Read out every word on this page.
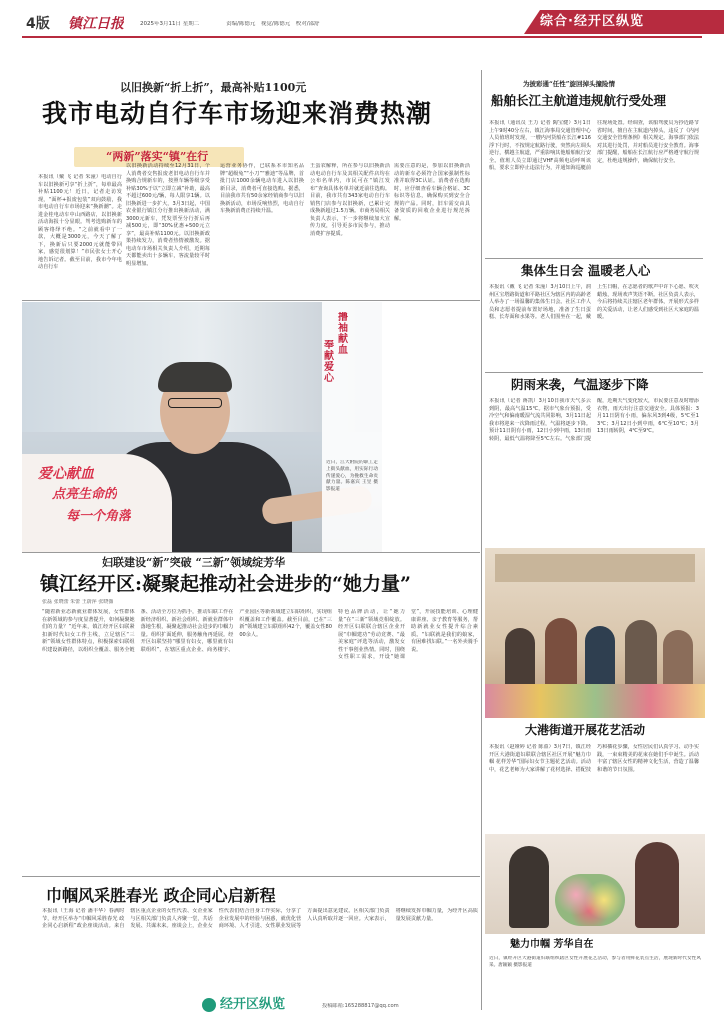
4版 镇江日报	2025年3月11日 星期二	责编/陈德元　视觉/陈德元　校对/邵舒	综合·经开区纵览
以旧换新“折上折”，最高补贴1100元
我市电动自行车市场迎来消费热潮
“两新”落实“镇”在行
本报讯（戴 飞 记者 朱潼）电动自行车以旧换新可享“折上折”，每单最高补贴1100元！近日，记者走访发现，“面杯+报废包装”双向鼓励，我市电动自行车市场迎来“换新潮”。走进金桂电动车中山西路店，以旧换新活动海报十分显眼。驾考选购新车的顾客络绎不绝。“之前就看中了一款，大概是3000元，今天了解了下，换新后只要2000元就能带回家，感觉很划算！”市民张女士开心地告诉记者。截至目前，我市今年电动自行车
以旧换新活动持续至12月31日，个人消费者交售报废老旧电动自行车并换购合规新车的，按照车辆等级享受补贴30%于以“立即立减”补助，最高不超过600元/辆，每人限享1辆。以旧换新进一步扩大，3月3日起，中国农业银行镇江分行推出换新活动，满3000元新车，凭发票至分行折后再减500元，即“30%优惠+500元立享”，最高补贴1100元。以旧换新政策持续发力，消费者热情被激发。据电动车市场相关负责人介绍，近期每天都能卖出十多辆车，客流量较平时明显增加。
运营业务协作，已联系本市知名品牌“超级兔”“小刀”“雅迪”等品牌，首批门店1000余辆电动车进入以旧换新目录，消费者可直接选购。据悉，目前我市共有50余家经销商参与以旧换新活动，市场反响热烈，电动自行车换新消费正持续升温。
王蛋农解释，所在参与以旧换新活动电动自行车及其相关配件店均在公布名单内，市民可在“镇江发布”查询具体名单并就近前往选购。目前，我市共有343家电动自行车销售门店参与以旧换新，已累计完成换新超过1.5万辆。市商务局相关负责人表示，下一步将继续加大宣传力度，引导更多市民参与，推动消费扩容提质。
需要注意的是，参加以旧换新活动的新车必须符合国家强制性标准并取得3C认证。消费者在选购时，应仔细查看车辆合格证、3C标识等信息，确保购买到安全合规的产品。同时，旧车需交由具备资质的回收企业进行规范拆解。
为披彩通“任性”旋回掉头撞险情
船舶长江主航道违规航行受处理
本报讯（通讯员 王力 记者 陶宝健）3月1日上午9时40分左右，镇江海事局交通管理中心人员值班时发现，一艘内河货船在长江#116浮下行时，不按规定航路行驶，突然向左调头逆行，横越主航道，严重影响其他船舶航行安全。值班人员立即通过VHF高频电话呼叫该船，要求立即停止违法行为，并通知海巡艇前往现场处置。经调查，该船驾驶员为抄近路节省时间，擅自在主航道内掉头，违反了《内河交通安全管理条例》相关规定。海事部门依法对其进行处罚，并对船员进行安全教育。海事部门提醒，船舶在长江航行应严格遵守航行规定，杜绝违规操作，确保航行安全。
爱心献血
点亮生命的
每一个角落
撸
袖
献
血
奉
献
爱
心
近日，江大附院的职工走上街头献血，用实际行动传递爱心，为挽救生命贡献力量。陈嘉宾 王昱 摄影报道
集体生日会 温暖老人心
本报讯（戴 飞 记者 朱潼）3月10日上午，润州区宝塔路街道和平路社区为辖区内的高龄老人举办了一场温馨的集体生日会。社区工作人员和志愿者提前布置好场地，准备了生日蛋糕、长寿面和水果等。老人们围坐在一起，戴上生日帽，在志愿者的歌声中许下心愿、吹灭蜡烛，现场欢声笑语不断。社区负责人表示，今后将持续关注辖区老年群体，开展形式多样的关爱活动，让老人们感受到社区大家庭的温暖。
阴雨来袭，气温逐步下降
本报讯（记者 蒋凯）3月10日我市天气多云到阴，最高气温15℃。据市气象台预报，受冷空气和偏南暖湿气流共同影响，3月11日起我市将迎来一次降雨过程，气温将逐步下降。预计11日阴有小雨，12日小到中雨，13日雨转阴，最低气温将降至5℃左右。气象部门提醒，近期天气变化较大，市民要注意及时增添衣物，雨天出行注意交通安全。具体预报：3月11日阴有小雨，偏东风3到4级，5℃至13℃；3月12日小到中雨，6℃至10℃；3月13日雨转阴，4℃至9℃。
妇联建设“新”突破 “三新”领域绽芳华
镇江经开区:凝聚起推动社会进步的“她力量”
张磊 张晓蕾 朱蕾 王蔚萍 张晓薇
“随着新业态新就业群体发展，女性群体在新领域的参与度显著提升，如何凝聚她们的力量？”近年来，镇江经开区妇联紧扣新时代妇女工作主线，立足辖区“三新”领域女性群体特点，积极探索妇联组织建设新路径，以组织全覆盖、服务全链条、活动全方位为抓手，推动妇联工作在新经济组织、新社会组织、新就业群体中落地生根，凝聚起推动社会进步的巾帼力量。组织扩面延伸，服务触角再延展。经开区妇联坚持“哪里有妇女，哪里就有妇联组织”，在辖区重点企业、商务楼宇、产业园区等新领域建立妇联组织，实现组织覆盖和工作覆盖。截至目前，已在“三新”领域建立妇联组织42个，覆盖女性8000余人。
特色品牌活动，让“她力量”在“三新”领域竞相绽放。经开区妇联联合辖区企业开展“巾帼建功”劳动竞赛、“最美家庭”评选等活动，激发女性干事创业热情。同时，围绕女性职工需求，开设“她课堂”，开展技能培训、心理健康讲座、亲子教育等服务，帮助新就业女性提升综合素质。“妇联就是我们的娘家，有困难找妇联。”一名外卖骑手说。
大港街道开展花艺活动
本报讯（赵娅婷 记者 陈盈）3月7日，镇江经开区大港街道妇联联合辖区社区开展“魅力巾帼 花样芳华”国际妇女节主题花艺活动。活动中，花艺老师为大家讲解了花材选择、搭配技巧和插花步骤，女性居民们认真学习、动手实践，一束束精美的花束在她们手中诞生。活动丰富了辖区女性的精神文化生活，营造了温馨和谐的节日氛围。
魅力巾帼 芳华自在
近日，镇经开区大港街道妇联组织辖区女性开展花艺活动，参与者用鲜花装点生活，展现新时代女性风采。唐颖颖 摄影报道
巾帼风采胜春光 政企同心启新程
本报讯（王海 记者 潘丰华）春满时节，经开区举办“巾帼风采胜春光 政企同心启新程”政企座谈活动。来自辖区重点企业的女性代表、女企业家与区相关部门负责人齐聚一堂，共话发展、共谋未来。座谈会上，企业女性代表们结合自身工作实际，分享了企业发展中的经验与困惑，就优化营商环境、人才引进、女性职业发展等方面提出意见建议。区相关部门负责人认真听取并逐一回应。大家表示，将继续发挥巾帼力量，为经开区高质量发展贡献力量。
经开区纵览	投稿邮箱:165288817@qq.com
